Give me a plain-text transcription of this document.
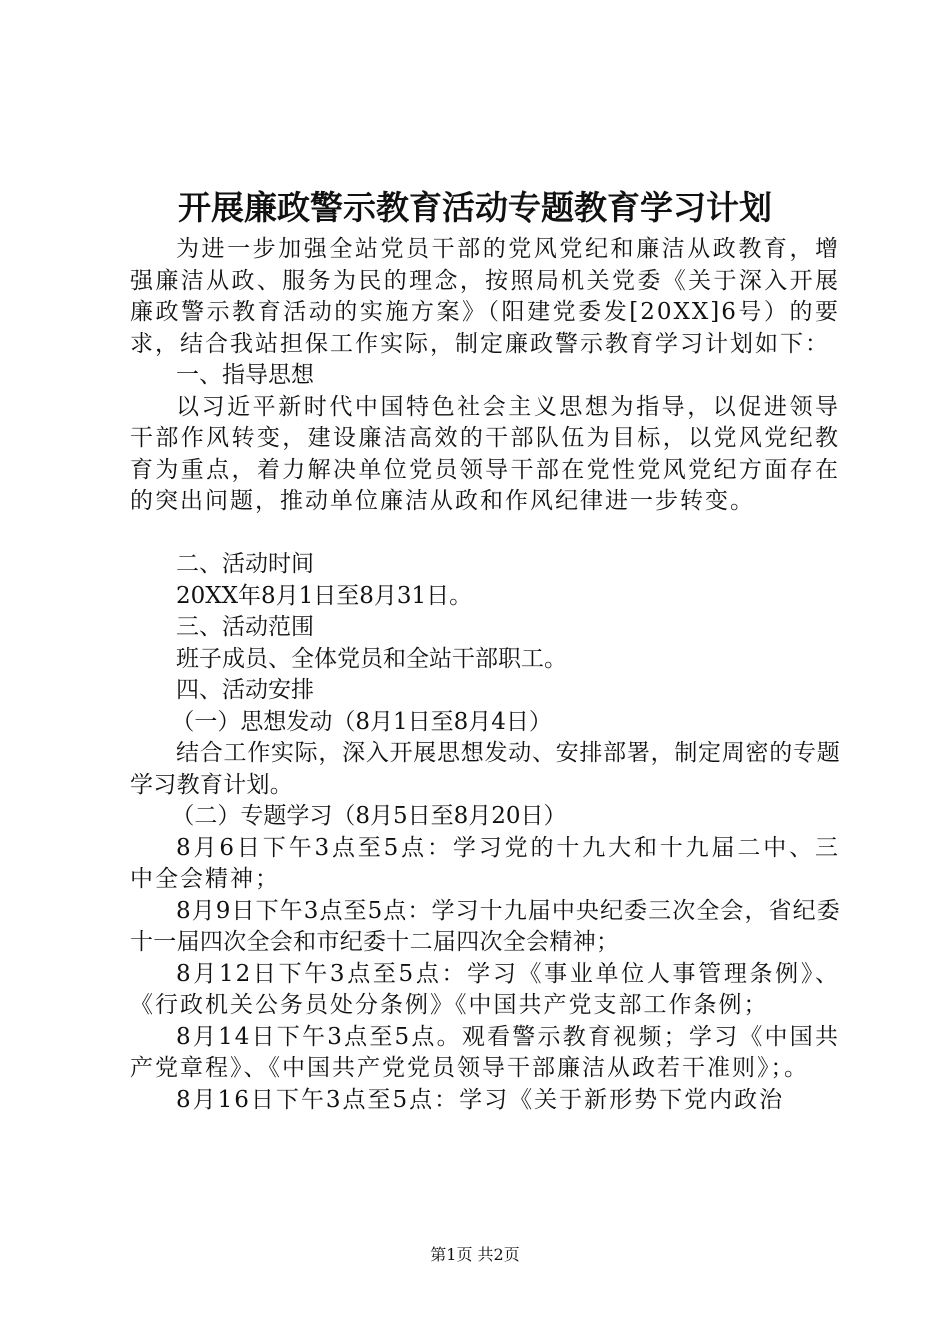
开展廉政警示教育活动专题教育学习计划

为进一步加强全站党员干部的党风党纪和廉洁从政教育，增强廉洁从政、服务为民的理念，按照局机关党委《关于深入开展廉政警示教育活动的实施方案》（阳建党委发[20XX]6号）的要求，结合我站担保工作实际，制定廉政警示教育学习计划如下：

一、指导思想

以习近平新时代中国特色社会主义思想为指导，以促进领导干部作风转变，建设廉洁高效的干部队伍为目标，以党风党纪教育为重点，着力解决单位党员领导干部在党性党风党纪方面存在的突出问题，推动单位廉洁从政和作风纪律进一步转变。

二、活动时间

20XX年8月1日至8月31日。

三、活动范围

班子成员、全体党员和全站干部职工。

四、活动安排

（一）思想发动（8月1日至8月4日）

结合工作实际，深入开展思想发动、安排部署，制定周密的专题学习教育计划。

（二）专题学习（8月5日至8月20日）

8月6日下午3点至5点：学习党的十九大和十九届二中、三中全会精神；

8月9日下午3点至5点：学习十九届中央纪委三次全会，省纪委十一届四次全会和市纪委十二届四次全会精神；

8月12日下午3点至5点：学习《事业单位人事管理条例》、《行政机关公务员处分条例》《中国共产党支部工作条例；

8月14日下午3点至5点。观看警示教育视频；学习《中国共产党章程》、《中国共产党党员领导干部廉洁从政若干准则》；。

8月16日下午3点至5点：学习《关于新形势下党内政治

第1页 共2页
